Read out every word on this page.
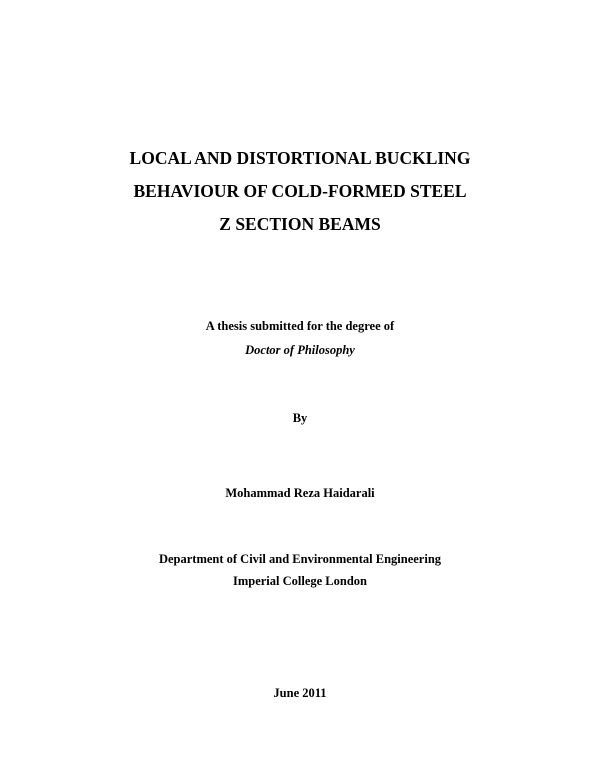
LOCAL AND DISTORTIONAL BUCKLING
BEHAVIOUR OF COLD-FORMED STEEL
Z SECTION BEAMS
A thesis submitted for the degree of
Doctor of Philosophy
By
Mohammad Reza Haidarali
Department of Civil and Environmental Engineering
Imperial College London
June 2011
